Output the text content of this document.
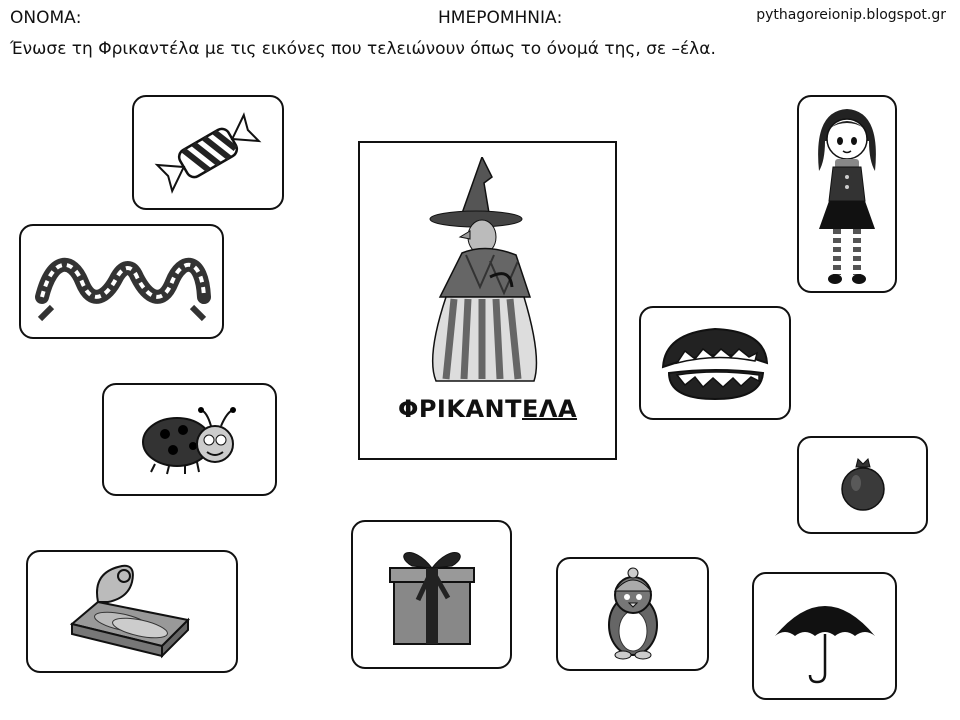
ΟΝΟΜΑ:	ΗΜΕΡΟΜΗΝΙΑ:	pythagoreionip.blogspot.gr
Ένωσε τη Φρικαντέλα με τις εικόνες που τελειώνουν όπως το όνομά της, σε –έλα.
ΦΡΙΚΑΝΤΕΛΑ
